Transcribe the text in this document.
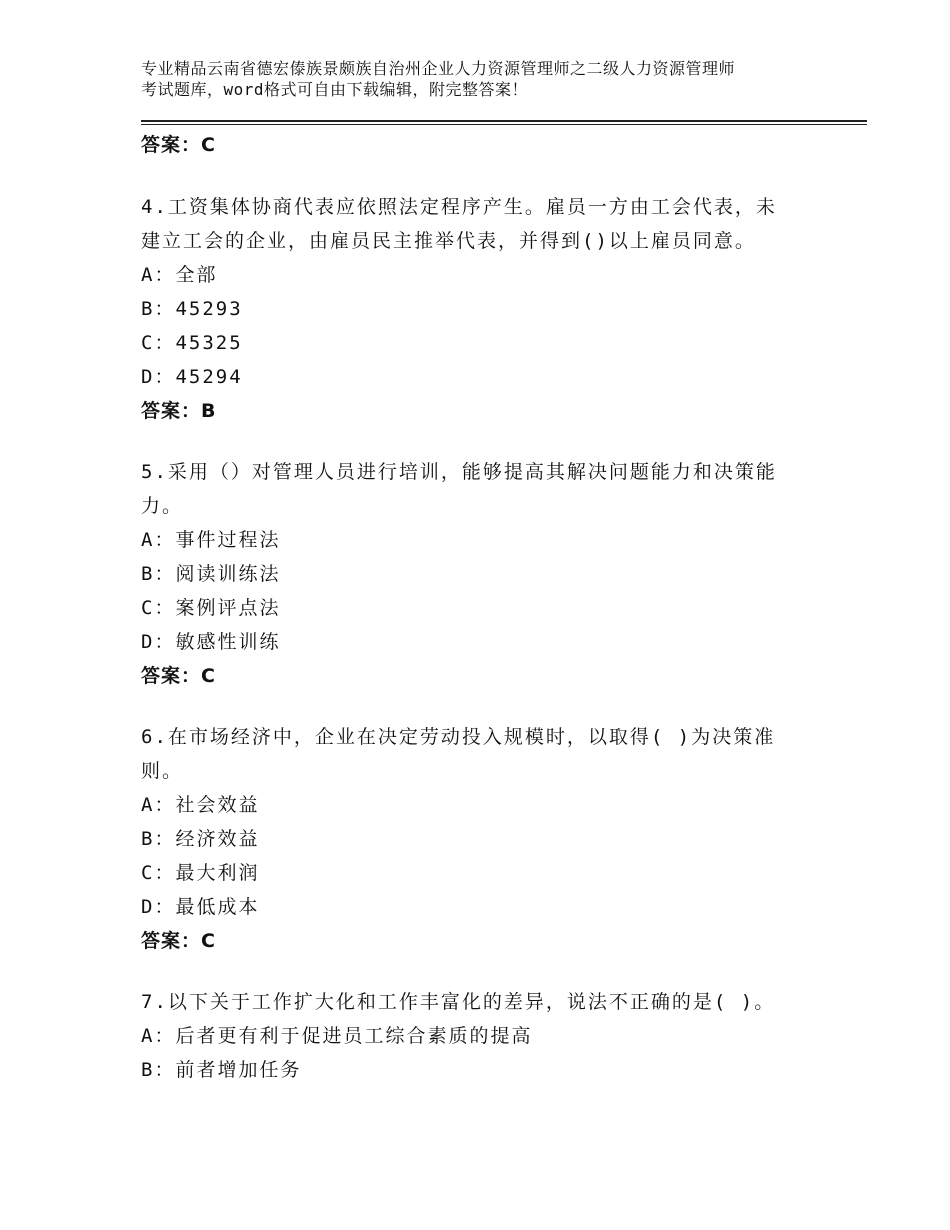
专业精品云南省德宏傣族景颇族自治州企业人力资源管理师之二级人力资源管理师
考试题库，word格式可自由下载编辑，附完整答案！
答案：C
4.工资集体协商代表应依照法定程序产生。雇员一方由工会代表，未
建立工会的企业，由雇员民主推举代表，并得到()以上雇员同意。
A：全部
B：45293
C：45325
D：45294
答案：B
5.采用（）对管理人员进行培训，能够提高其解决问题能力和决策能
力。
A：事件过程法
B：阅读训练法
C：案例评点法
D：敏感性训练
答案：C
6.在市场经济中，企业在决定劳动投入规模时，以取得( )为决策准
则。
A：社会效益
B：经济效益
C：最大利润
D：最低成本
答案：C
7.以下关于工作扩大化和工作丰富化的差异，说法不正确的是( )。
A：后者更有利于促进员工综合素质的提高
B：前者增加任务
